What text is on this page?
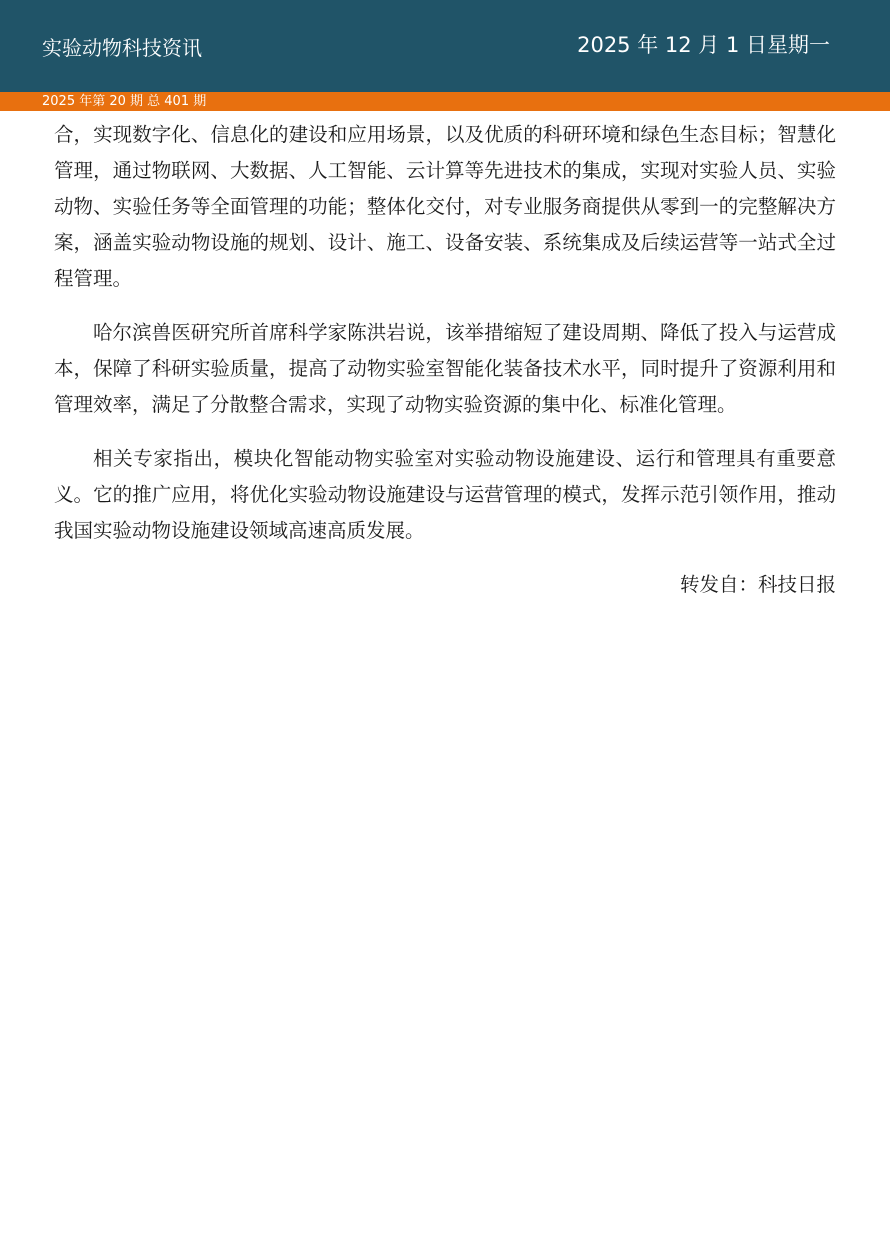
实验动物科技资讯	2025 年 12 月 1 日星期一
2025 年第 20 期 总 401 期

合，实现数字化、信息化的建设和应用场景，以及优质的科研环境和绿色生态目标；智慧化管理，通过物联网、大数据、人工智能、云计算等先进技术的集成，实现对实验人员、实验动物、实验任务等全面管理的功能；整体化交付，对专业服务商提供从零到一的完整解决方案，涵盖实验动物设施的规划、设计、施工、设备安装、系统集成及后续运营等一站式全过程管理。

哈尔滨兽医研究所首席科学家陈洪岩说，该举措缩短了建设周期、降低了投入与运营成本，保障了科研实验质量，提高了动物实验室智能化装备技术水平，同时提升了资源利用和管理效率，满足了分散整合需求，实现了动物实验资源的集中化、标准化管理。

相关专家指出，模块化智能动物实验室对实验动物设施建设、运行和管理具有重要意义。它的推广应用，将优化实验动物设施建设与运营管理的模式，发挥示范引领作用，推动我国实验动物设施建设领域高速高质发展。

转发自：科技日报
